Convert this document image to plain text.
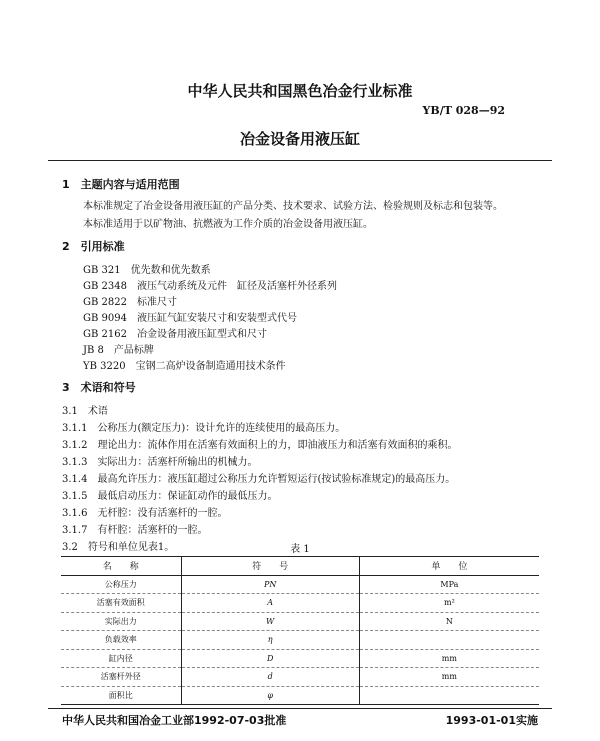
中华人民共和国黑色冶金行业标准
YB/T 028—92
冶金设备用液压缸
1　主题内容与适用范围
本标准规定了冶金设备用液压缸的产品分类、技术要求、试验方法、检验规则及标志和包装等。
本标准适用于以矿物油、抗燃液为工作介质的冶金设备用液压缸。
2　引用标准
GB 321　优先数和优先数系
GB 2348　液压气动系统及元件　缸径及活塞杆外径系列
GB 2822　标准尺寸
GB 9094　液压缸气缸安装尺寸和安装型式代号
GB 2162　冶金设备用液压缸型式和尺寸
JB 8　产品标牌
YB 3220　宝钢二高炉设备制造通用技术条件
3　术语和符号
3.1　术语
3.1.1　公称压力(额定压力)：设计允许的连续使用的最高压力。
3.1.2　理论出力：流体作用在活塞有效面积上的力，即油液压力和活塞有效面积的乘积。
3.1.3　实际出力：活塞杆所输出的机械力。
3.1.4　最高允许压力：液压缸超过公称压力允许暂短运行(按试验标准规定)的最高压力。
3.1.5　最低启动压力：保证缸动作的最低压力。
3.1.6　无杆腔：没有活塞杆的一腔。
3.1.7　有杆腔：活塞杆的一腔。
3.2　符号和单位见表1。	表 1
名　　称	符　　号	单　　位
公称压力	PN	MPa
活塞有效面积	A	m²
实际出力	W	N
负载效率	η	
缸内径	D	mm
活塞杆外径	d	mm
面积比	φ	
中华人民共和国冶金工业部1992-07-03批准	1993-01-01实施
